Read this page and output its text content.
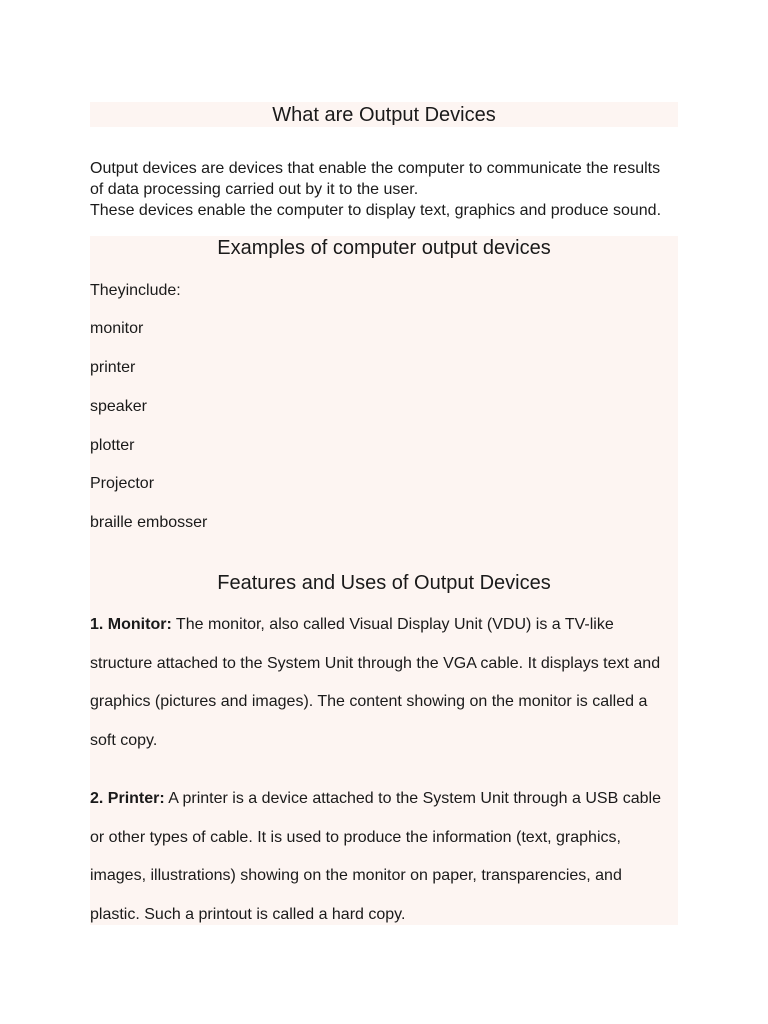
What are Output Devices

Output devices are devices that enable the computer to communicate the results

of data processing carried out by it to the user.

These devices enable the computer to display text, graphics and produce sound.

Examples of computer output devices
Theyinclude:
monitor
printer
speaker
plotter
Projector
braille embosser
Features and Uses of Output Devices

1. Monitor: The monitor, also called Visual Display Unit (VDU) is a TV-like

structure attached to the System Unit through the VGA cable. It displays text and

graphics (pictures and images). The content showing on the monitor is called a

soft copy.

2. Printer: A printer is a device attached to the System Unit through a USB cable

or other types of cable. It is used to produce the information (text, graphics,

images, illustrations) showing on the monitor on paper, transparencies, and

plastic. Such a printout is called a hard copy.
